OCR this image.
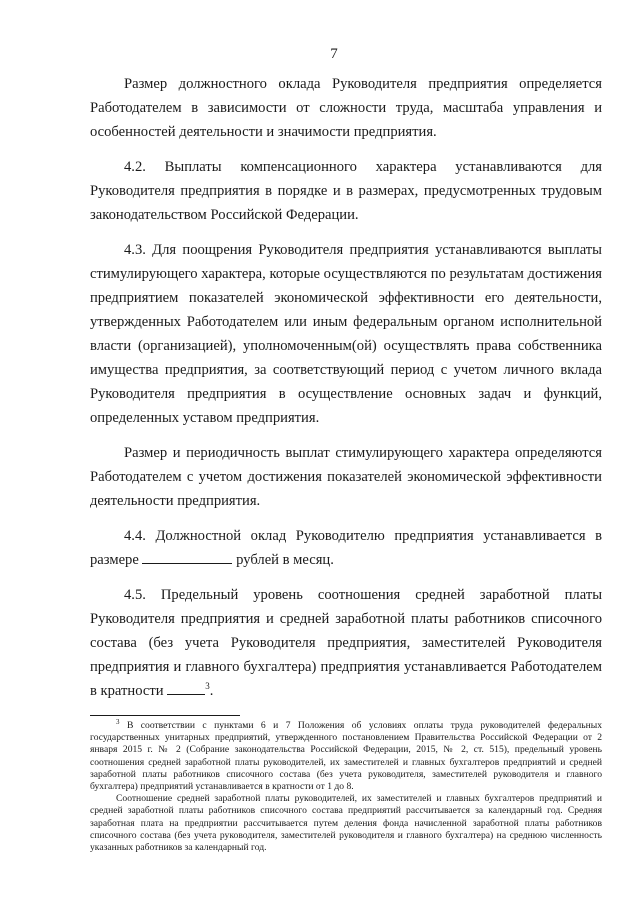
7

Размер должностного оклада Руководителя предприятия определяется Работодателем в зависимости от сложности труда, масштаба управления и особенностей деятельности и значимости предприятия.

4.2. Выплаты компенсационного характера устанавливаются для Руководителя предприятия в порядке и в размерах, предусмотренных трудовым законодательством Российской Федерации.

4.3. Для поощрения Руководителя предприятия устанавливаются выплаты стимулирующего характера, которые осуществляются по результатам достижения предприятием показателей экономической эффективности его деятельности, утвержденных Работодателем или иным федеральным органом исполнительной власти (организацией), уполномоченным(ой) осуществлять права собственника имущества предприятия, за соответствующий период с учетом личного вклада Руководителя предприятия в осуществление основных задач и функций, определенных уставом предприятия.

Размер и периодичность выплат стимулирующего характера определяются Работодателем с учетом достижения показателей экономической эффективности деятельности предприятия.

4.4. Должностной оклад Руководителю предприятия устанавливается в размере	рублей в месяц.

4.5. Предельный уровень соотношения средней заработной платы Руководителя предприятия и средней заработной платы работников списочного состава (без учета Руководителя предприятия, заместителей Руководителя предприятия и главного бухгалтера) предприятия устанавливается Работодателем в кратности	$^3$.

$^3$ В соответствии с пунктами 6 и 7 Положения об условиях оплаты труда руководителей федеральных государственных унитарных предприятий, утвержденного постановлением Правительства Российской Федерации от 2 января 2015 г. № 2 (Собрание законодательства Российской Федерации, 2015, № 2, ст. 515), предельный уровень соотношения средней заработной платы руководителей, их заместителей и главных бухгалтеров предприятий и средней заработной платы работников списочного состава (без учета руководителя, заместителей руководителя и главного бухгалтера) предприятий устанавливается в кратности от 1 до 8.

Соотношение средней заработной платы руководителей, их заместителей и главных бухгалтеров предприятий и средней заработной платы работников списочного состава предприятий рассчитывается за календарный год. Средняя заработная плата на предприятии рассчитывается путем деления фонда начисленной заработной платы работников списочного состава (без учета руководителя, заместителей руководителя и главного бухгалтера) на среднюю численность указанных работников за календарный год.
